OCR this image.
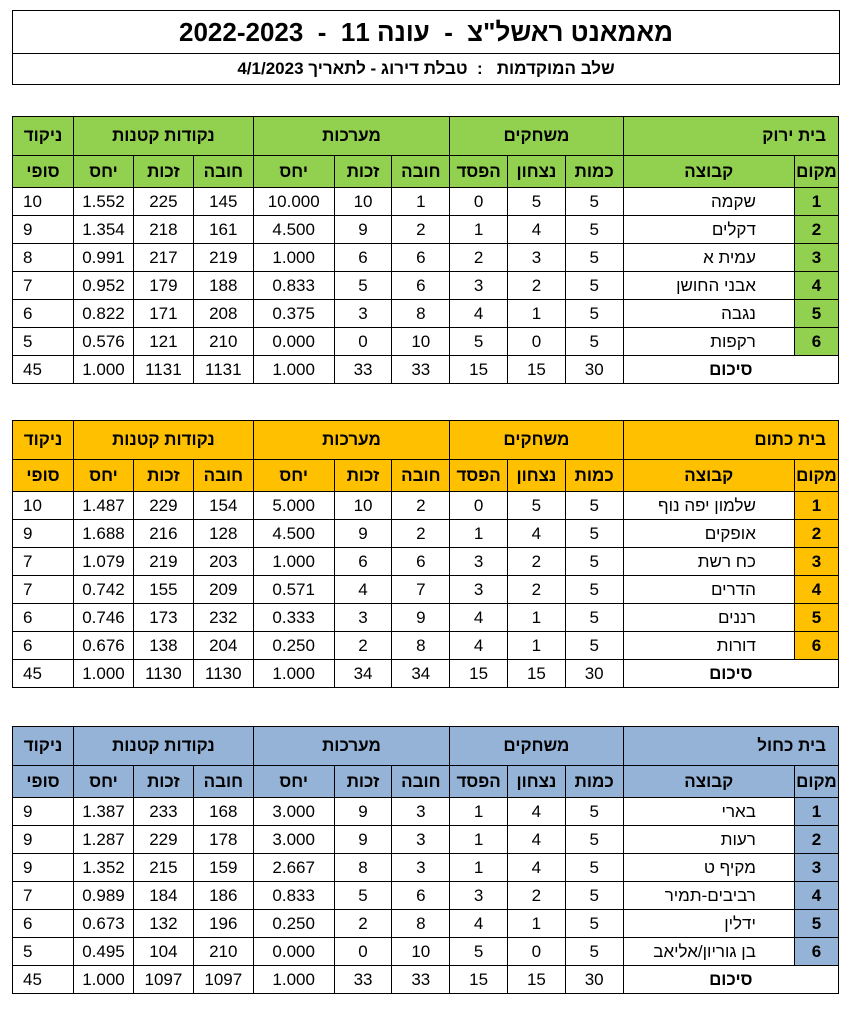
מאמאנט ראשל"צ  -  עונה 11  -  2022-2023
שלב המוקדמות   :  טבלת דירוג - לתאריך 4/1/2023
בית ירוק		משחקים			מערכות			נקודות קטנות			ניקוד
מקום	קבוצה	כמות	נצחון	הפסד	חובה	זכות	יחס	חובה	זכות	יחס	סופי
1	שקמה	5	5	0	1	10	10.000	145	225	1.552	10
2	דקלים	5	4	1	2	9	4.500	161	218	1.354	9
3	עמית א	5	3	2	6	6	1.000	219	217	0.991	8
4	אבני החושן	5	2	3	6	5	0.833	188	179	0.952	7
5	נגבה	5	1	4	8	3	0.375	208	171	0.822	6
6	רקפות	5	0	5	10	0	0.000	210	121	0.576	5
סיכום		30	15	15	33	33	1.000	1131	1131	1.000	45
בית כתום		משחקים			מערכות			נקודות קטנות			ניקוד
מקום	קבוצה	כמות	נצחון	הפסד	חובה	זכות	יחס	חובה	זכות	יחס	סופי
1	שלמון יפה נוף	5	5	0	2	10	5.000	154	229	1.487	10
2	אופקים	5	4	1	2	9	4.500	128	216	1.688	9
3	כח רשת	5	2	3	6	6	1.000	203	219	1.079	7
4	הדרים	5	2	3	7	4	0.571	209	155	0.742	7
5	רננים	5	1	4	9	3	0.333	232	173	0.746	6
6	דורות	5	1	4	8	2	0.250	204	138	0.676	6
סיכום		30	15	15	34	34	1.000	1130	1130	1.000	45
בית כחול		משחקים			מערכות			נקודות קטנות			ניקוד
מקום	קבוצה	כמות	נצחון	הפסד	חובה	זכות	יחס	חובה	זכות	יחס	סופי
1	בארי	5	4	1	3	9	3.000	168	233	1.387	9
2	רעות	5	4	1	3	9	3.000	178	229	1.287	9
3	מקיף ט	5	4	1	3	8	2.667	159	215	1.352	9
4	רביבים-תמיר	5	2	3	6	5	0.833	186	184	0.989	7
5	ידלין	5	1	4	8	2	0.250	196	132	0.673	6
6	בן גוריון/אליאב	5	0	5	10	0	0.000	210	104	0.495	5
סיכום		30	15	15	33	33	1.000	1097	1097	1.000	45
